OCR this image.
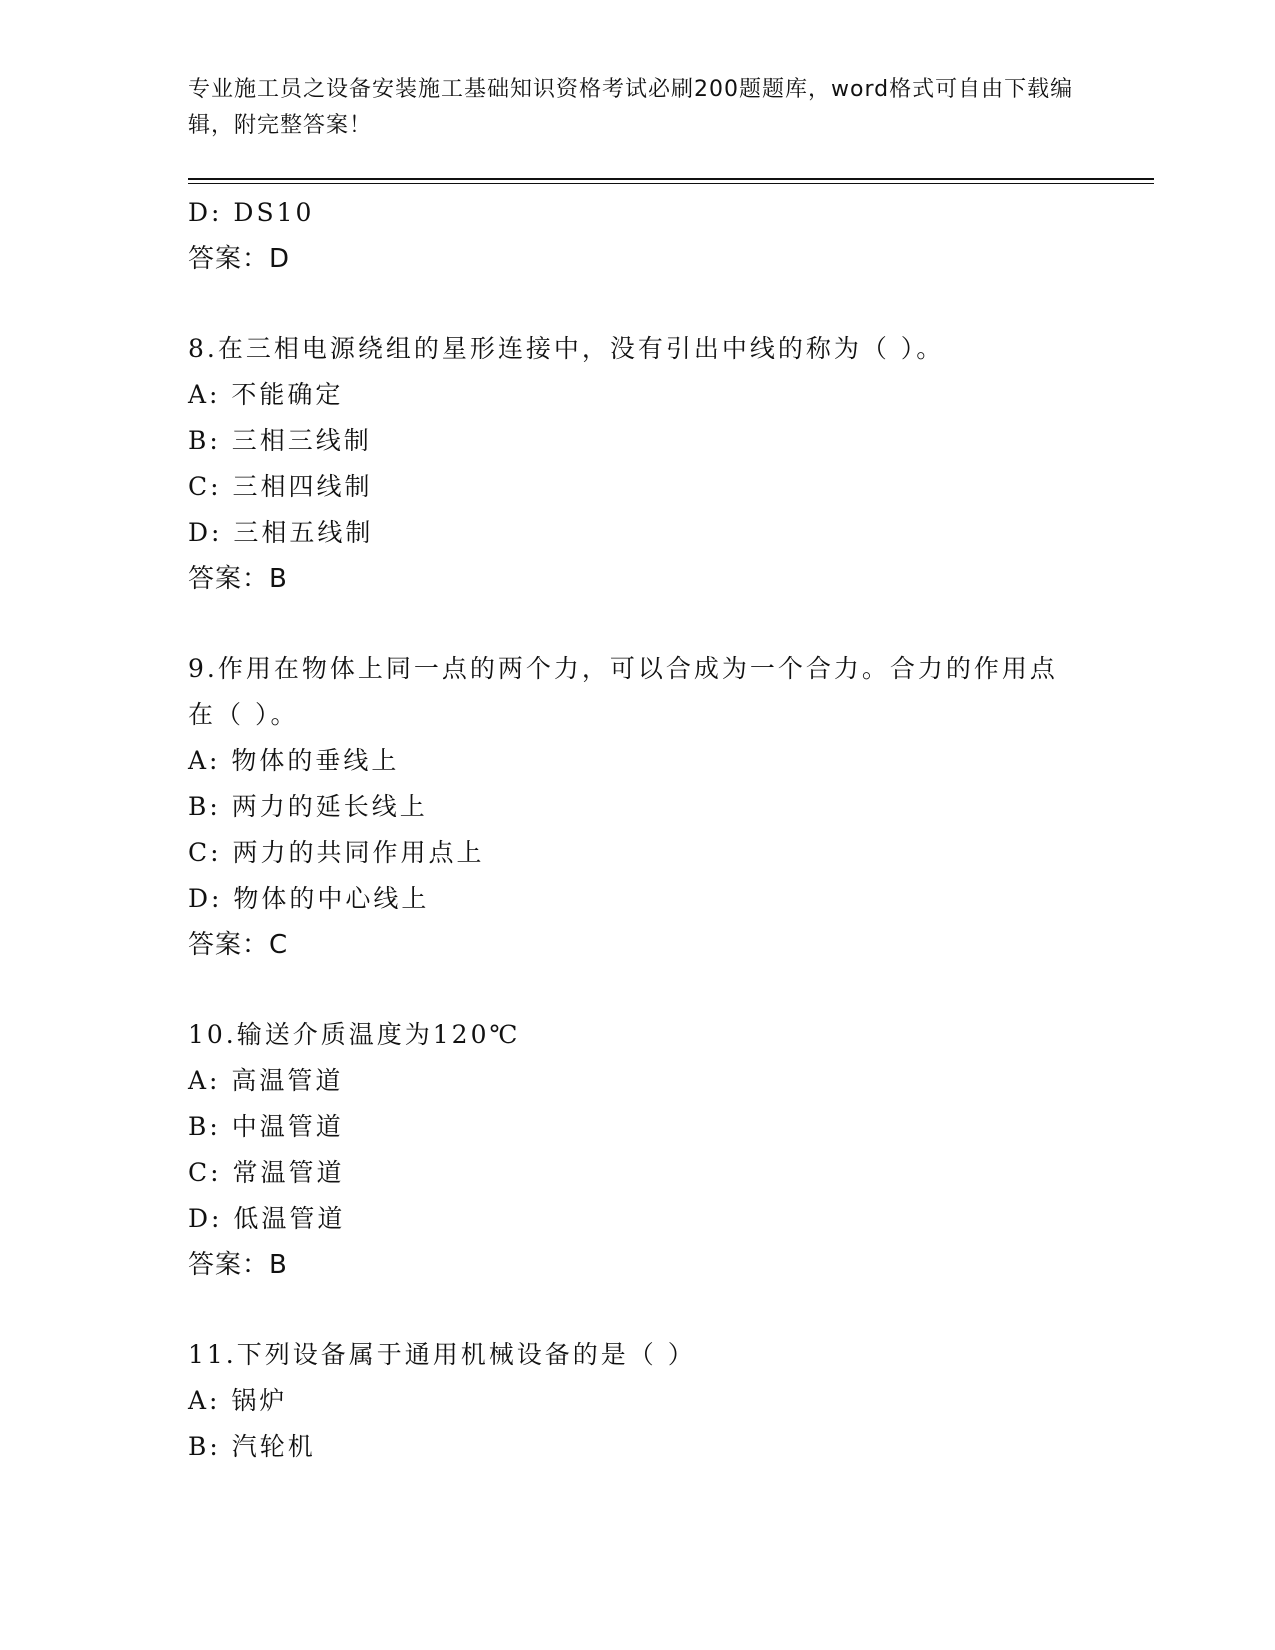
专业施工员之设备安装施工基础知识资格考试必刷200题题库，word格式可自由下载编辑，附完整答案！
D: DS10
答案：D
8.在三相电源绕组的星形连接中，没有引出中线的称为（ ）。
A: 不能确定
B: 三相三线制
C: 三相四线制
D: 三相五线制
答案：B
9.作用在物体上同一点的两个力，可以合成为一个合力。合力的作用点在（ ）。
A: 物体的垂线上
B: 两力的延长线上
C: 两力的共同作用点上
D: 物体的中心线上
答案：C
10.输送介质温度为120℃
A: 高温管道
B: 中温管道
C: 常温管道
D: 低温管道
答案：B
11.下列设备属于通用机械设备的是（ ）
A: 锅炉
B: 汽轮机
